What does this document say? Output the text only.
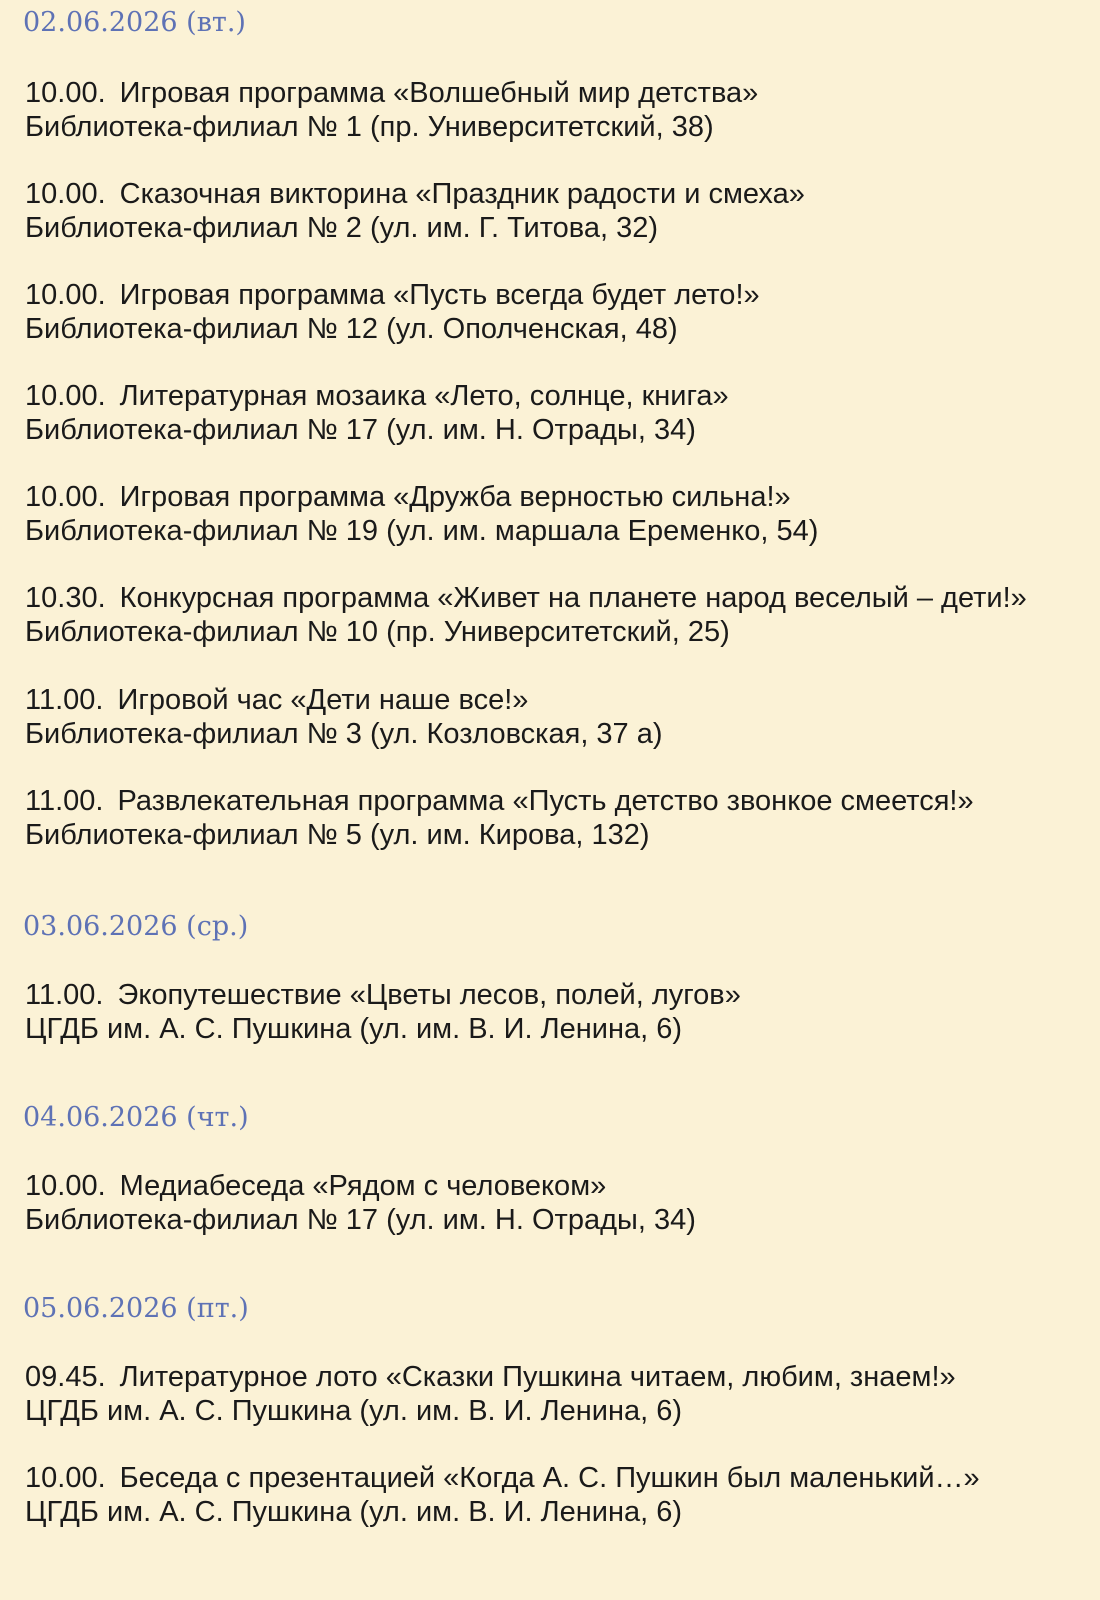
02.06.2026 (вт.)
10.00. Игровая программа «Волшебный мир детства»
Библиотека-филиал № 1 (пр. Университетский, 38)
10.00. Сказочная викторина «Праздник радости и смеха»
Библиотека-филиал № 2 (ул. им. Г. Титова, 32)
10.00. Игровая программа «Пусть всегда будет лето!»
Библиотека-филиал № 12 (ул. Ополченская, 48)
10.00. Литературная мозаика «Лето, солнце, книга»
Библиотека-филиал № 17 (ул. им. Н. Отрады, 34)
10.00. Игровая программа «Дружба верностью сильна!»
Библиотека-филиал № 19 (ул. им. маршала Еременко, 54)
10.30. Конкурсная программа «Живет на планете народ веселый – дети!»
Библиотека-филиал № 10 (пр. Университетский, 25)
11.00. Игровой час «Дети наше все!»
Библиотека-филиал № 3 (ул. Козловская, 37 а)
11.00. Развлекательная программа «Пусть детство звонкое смеется!»
Библиотека-филиал № 5 (ул. им. Кирова, 132)
03.06.2026 (ср.)
11.00. Экопутешествие «Цветы лесов, полей, лугов»
ЦГДБ им. А. С. Пушкина (ул. им. В. И. Ленина, 6)
04.06.2026 (чт.)
10.00. Медиабеседа «Рядом с человеком»
Библиотека-филиал № 17 (ул. им. Н. Отрады, 34)
05.06.2026 (пт.)
09.45. Литературное лото «Сказки Пушкина читаем, любим, знаем!»
ЦГДБ им. А. С. Пушкина (ул. им. В. И. Ленина, 6)
10.00. Беседа с презентацией «Когда А. С. Пушкин был маленький…»
ЦГДБ им. А. С. Пушкина (ул. им. В. И. Ленина, 6)
